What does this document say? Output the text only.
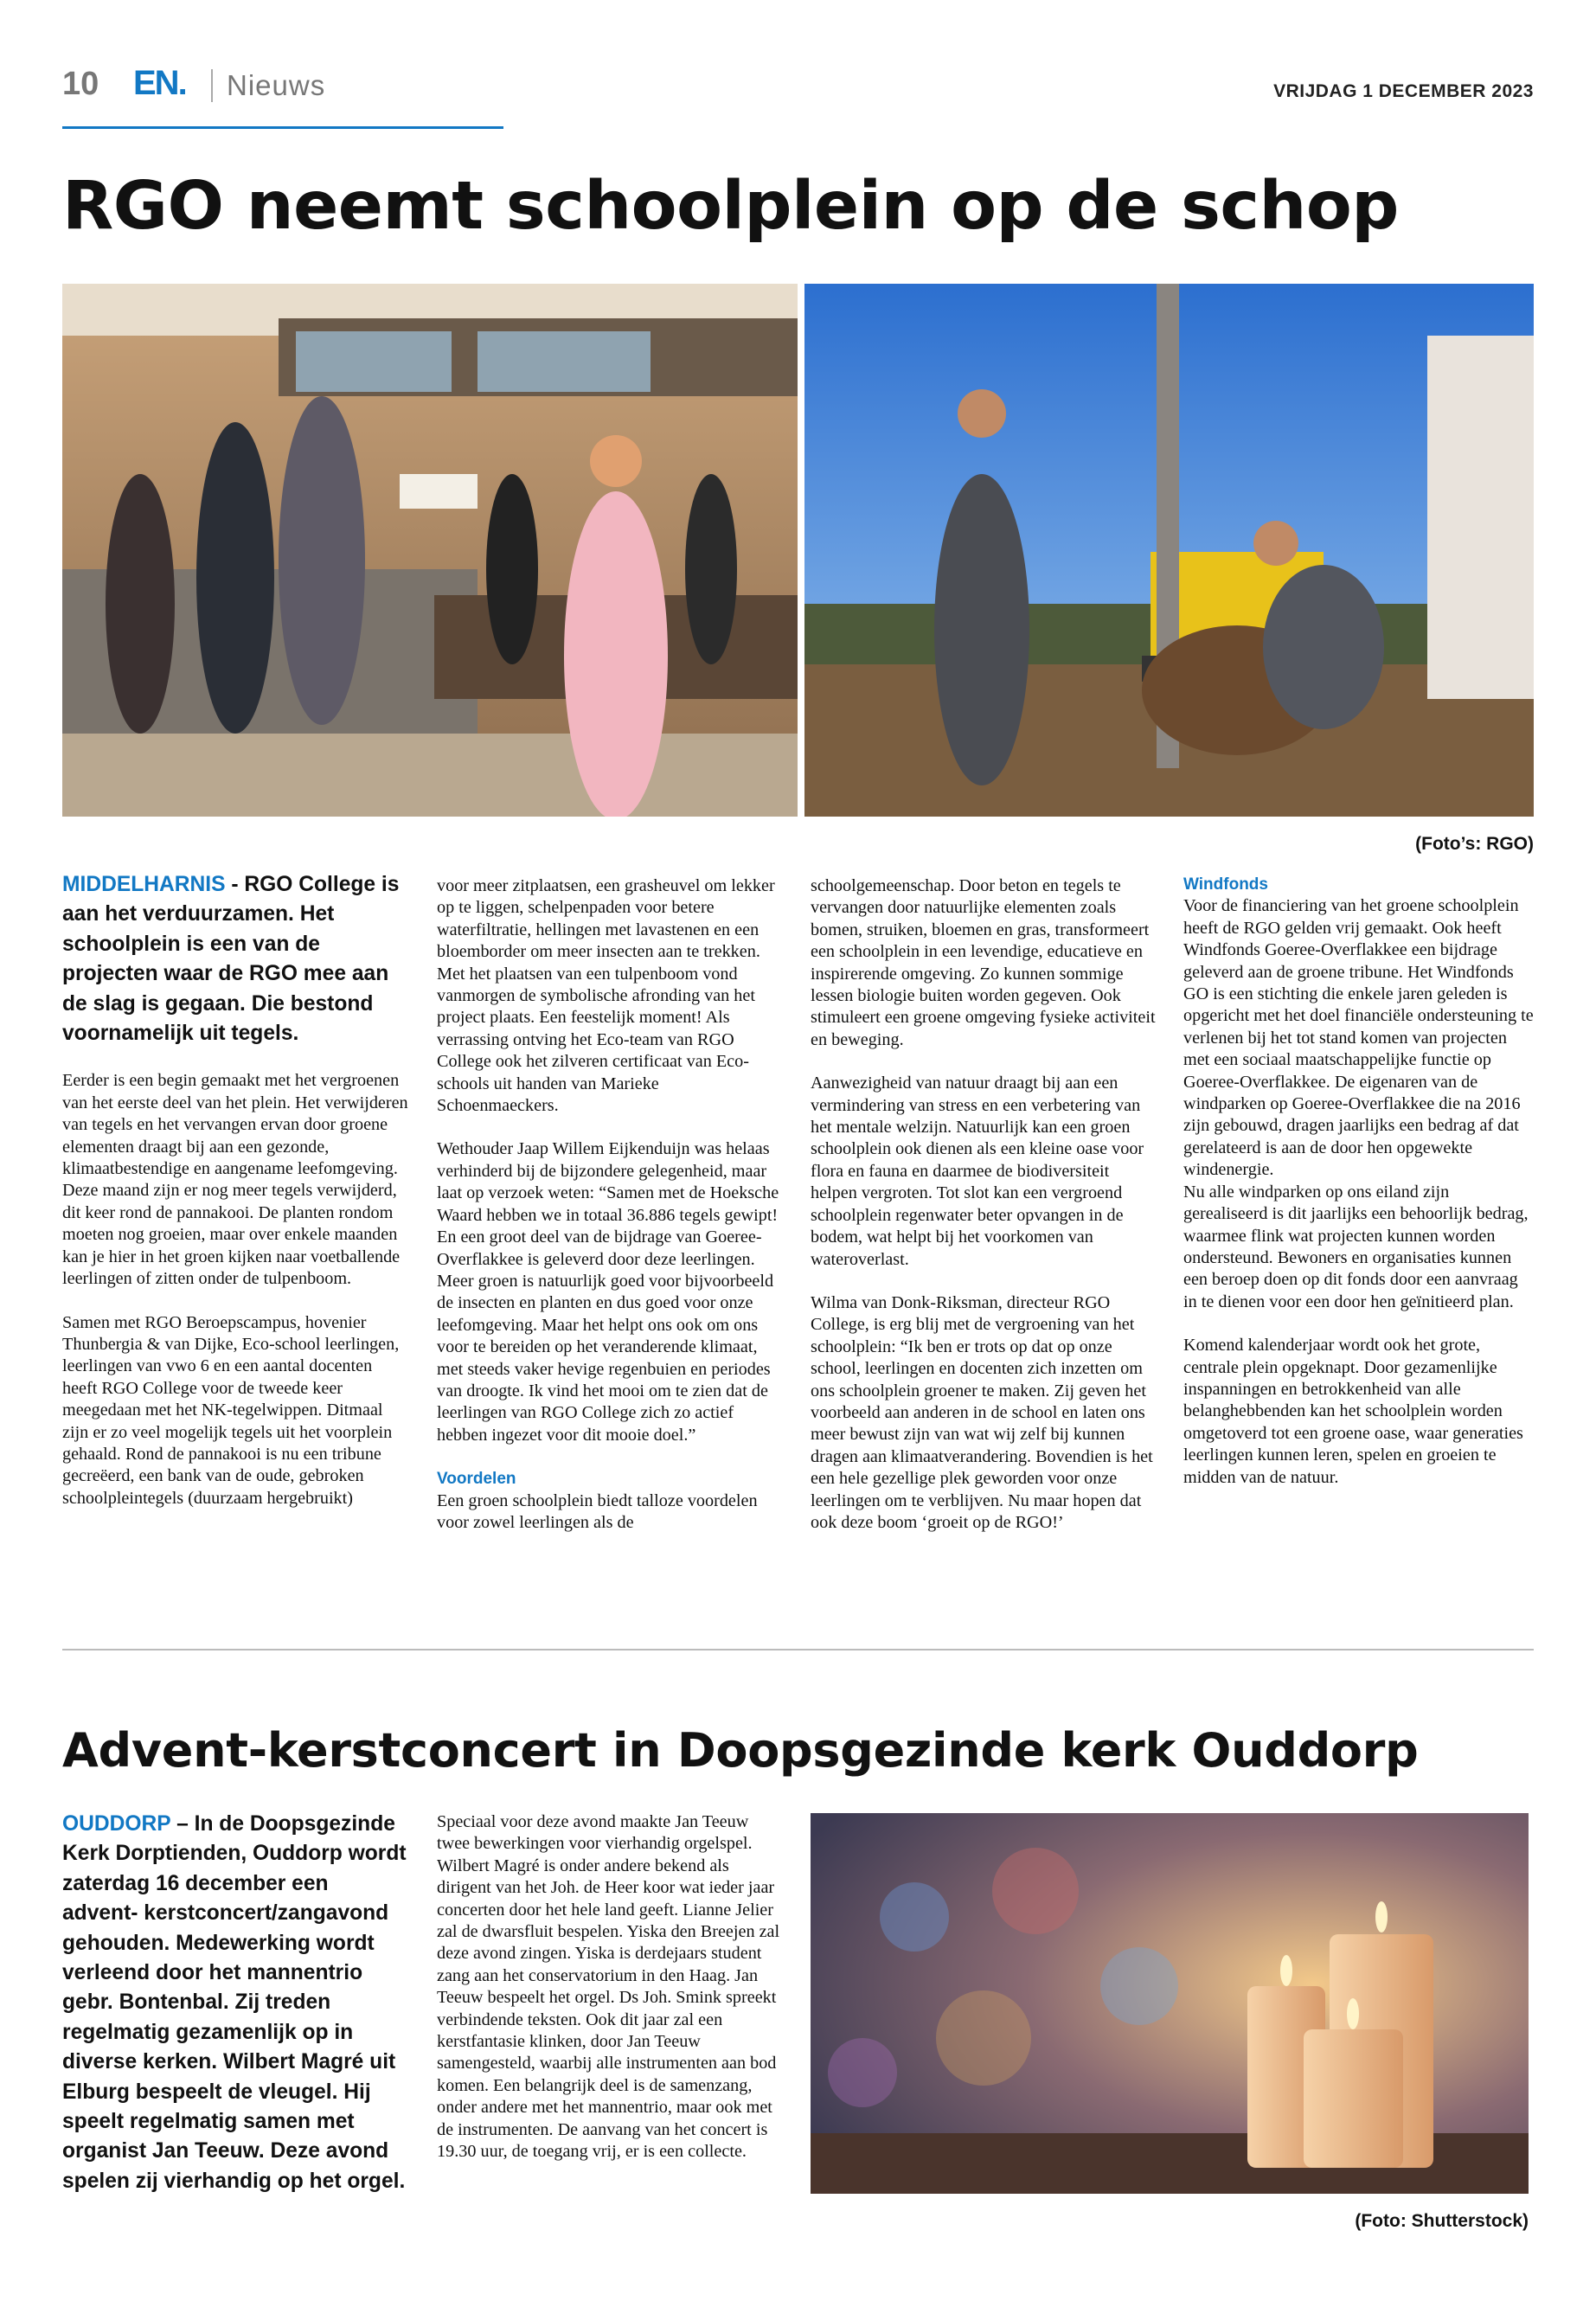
10 EN. Nieuws	VRIJDAG 1 DECEMBER 2023
RGO neemt schoolplein op de schop
(Foto’s: RGO)

MIDDELHARNIS - RGO College is aan het verduurzamen. Het schoolplein is een van de projecten waar de RGO mee aan de slag is gegaan. Die bestond voornamelijk uit tegels.

Eerder is een begin gemaakt met het vergroenen van het eerste deel van het plein. Het verwijderen van tegels en het vervangen ervan door groene elementen draagt bij aan een gezonde, klimaatbestendige en aangename leefomgeving. Deze maand zijn er nog meer tegels verwijderd, dit keer rond de pannakooi. De planten rondom moeten nog groeien, maar over enkele maanden kan je hier in het groen kijken naar voetballende leerlingen of zitten onder de tulpenboom.

Samen met RGO Beroepscampus, hovenier Thunbergia & van Dijke, Eco-school leerlingen, leerlingen van vwo 6 en een aantal docenten heeft RGO College voor de tweede keer meegedaan met het NK-tegelwippen. Ditmaal zijn er zo veel mogelijk tegels uit het voorplein gehaald. Rond de pannakooi is nu een tribune gecreëerd, een bank van de oude, gebroken schoolpleintegels (duurzaam hergebruikt)

voor meer zitplaatsen, een grasheuvel om lekker op te liggen, schelpenpaden voor betere waterfiltratie, hellingen met lavastenen en een bloemborder om meer insecten aan te trekken. Met het plaatsen van een tulpenboom vond vanmorgen de symbolische afronding van het project plaats. Een feestelijk moment! Als verrassing ontving het Eco-team van RGO College ook het zilveren certificaat van Eco-schools uit handen van Marieke Schoenmaeckers.

Wethouder Jaap Willem Eijkenduijn was helaas verhinderd bij de bijzondere gelegenheid, maar laat op verzoek weten: “Samen met de Hoeksche Waard hebben we in totaal 36.886 tegels gewipt! En een groot deel van de bijdrage van Goeree-Overflakkee is geleverd door deze leerlingen. Meer groen is natuurlijk goed voor bijvoorbeeld de insecten en planten en dus goed voor onze leefomgeving. Maar het helpt ons ook om ons voor te bereiden op het veranderende klimaat, met steeds vaker hevige regenbuien en periodes van droogte. Ik vind het mooi om te zien dat de leerlingen van RGO College zich zo actief hebben ingezet voor dit mooie doel.”

Voordelen
Een groen schoolplein biedt talloze voordelen voor zowel leerlingen als de

schoolgemeenschap. Door beton en tegels te vervangen door natuurlijke elementen zoals bomen, struiken, bloemen en gras, transformeert een schoolplein in een levendige, educatieve en inspirerende omgeving. Zo kunnen sommige lessen biologie buiten worden gegeven. Ook stimuleert een groene omgeving fysieke activiteit en beweging.

Aanwezigheid van natuur draagt bij aan een vermindering van stress en een verbetering van het mentale welzijn. Natuurlijk kan een groen schoolplein ook dienen als een kleine oase voor flora en fauna en daarmee de biodiversiteit helpen vergroten. Tot slot kan een vergroend schoolplein regenwater beter opvangen in de bodem, wat helpt bij het voorkomen van wateroverlast.

Wilma van Donk-Riksman, directeur RGO College, is erg blij met de vergroening van het schoolplein: “Ik ben er trots op dat op onze school, leerlingen en docenten zich inzetten om ons schoolplein groener te maken. Zij geven het voorbeeld aan anderen in de school en laten ons meer bewust zijn van wat wij zelf bij kunnen dragen aan klimaatverandering. Bovendien is het een hele gezellige plek geworden voor onze leerlingen om te verblijven. Nu maar hopen dat ook deze boom ‘groeit op de RGO!’

Windfonds
Voor de financiering van het groene schoolplein heeft de RGO gelden vrij gemaakt. Ook heeft Windfonds Goeree-Overflakkee een bijdrage geleverd aan de groene tribune. Het Windfonds GO is een stichting die enkele jaren geleden is opgericht met het doel financiële ondersteuning te verlenen bij het tot stand komen van projecten met een sociaal maatschappelijke functie op Goeree-Overflakkee. De eigenaren van de windparken op Goeree-Overflakkee die na 2016 zijn gebouwd, dragen jaarlijks een bedrag af dat gerelateerd is aan de door hen opgewekte windenergie.

Nu alle windparken op ons eiland zijn gerealiseerd is dit jaarlijks een behoorlijk bedrag, waarmee flink wat projecten kunnen worden ondersteund. Bewoners en organisaties kunnen een beroep doen op dit fonds door een aanvraag in te dienen voor een door hen geïnitieerd plan.

Komend kalenderjaar wordt ook het grote, centrale plein opgeknapt. Door gezamenlijke inspanningen en betrokkenheid van alle belanghebbenden kan het schoolplein worden omgetoverd tot een groene oase, waar generaties leerlingen kunnen leren, spelen en groeien te midden van de natuur.

Advent-kerstconcert in Doopsgezinde kerk Ouddorp

OUDDORP – In de Doopsgezinde Kerk Dorptienden, Ouddorp wordt zaterdag 16 december een advent- kerstconcert/zangavond gehouden. Medewerking wordt verleend door het mannentrio gebr. Bontenbal. Zij treden regelmatig gezamenlijk op in diverse kerken. Wilbert Magré uit Elburg bespeelt de vleugel. Hij speelt regelmatig samen met organist Jan Teeuw. Deze avond spelen zij vierhandig op het orgel.

Speciaal voor deze avond maakte Jan Teeuw twee bewerkingen voor vierhandig orgelspel. Wilbert Magré is onder andere bekend als dirigent van het Joh. de Heer koor wat ieder jaar concerten door het hele land geeft. Lianne Jelier zal de dwarsfluit bespelen. Yiska den Breejen zal deze avond zingen. Yiska is derdejaars student zang aan het conservatorium in den Haag. Jan Teeuw bespeelt het orgel. Ds Joh. Smink spreekt verbindende teksten. Ook dit jaar zal een kerstfantasie klinken, door Jan Teeuw samengesteld, waarbij alle instrumenten aan bod komen. Een belangrijk deel is de samenzang, onder andere met het mannentrio, maar ook met de instrumenten. De aanvang van het concert is 19.30 uur, de toegang vrij, er is een collecte.

(Foto: Shutterstock)
